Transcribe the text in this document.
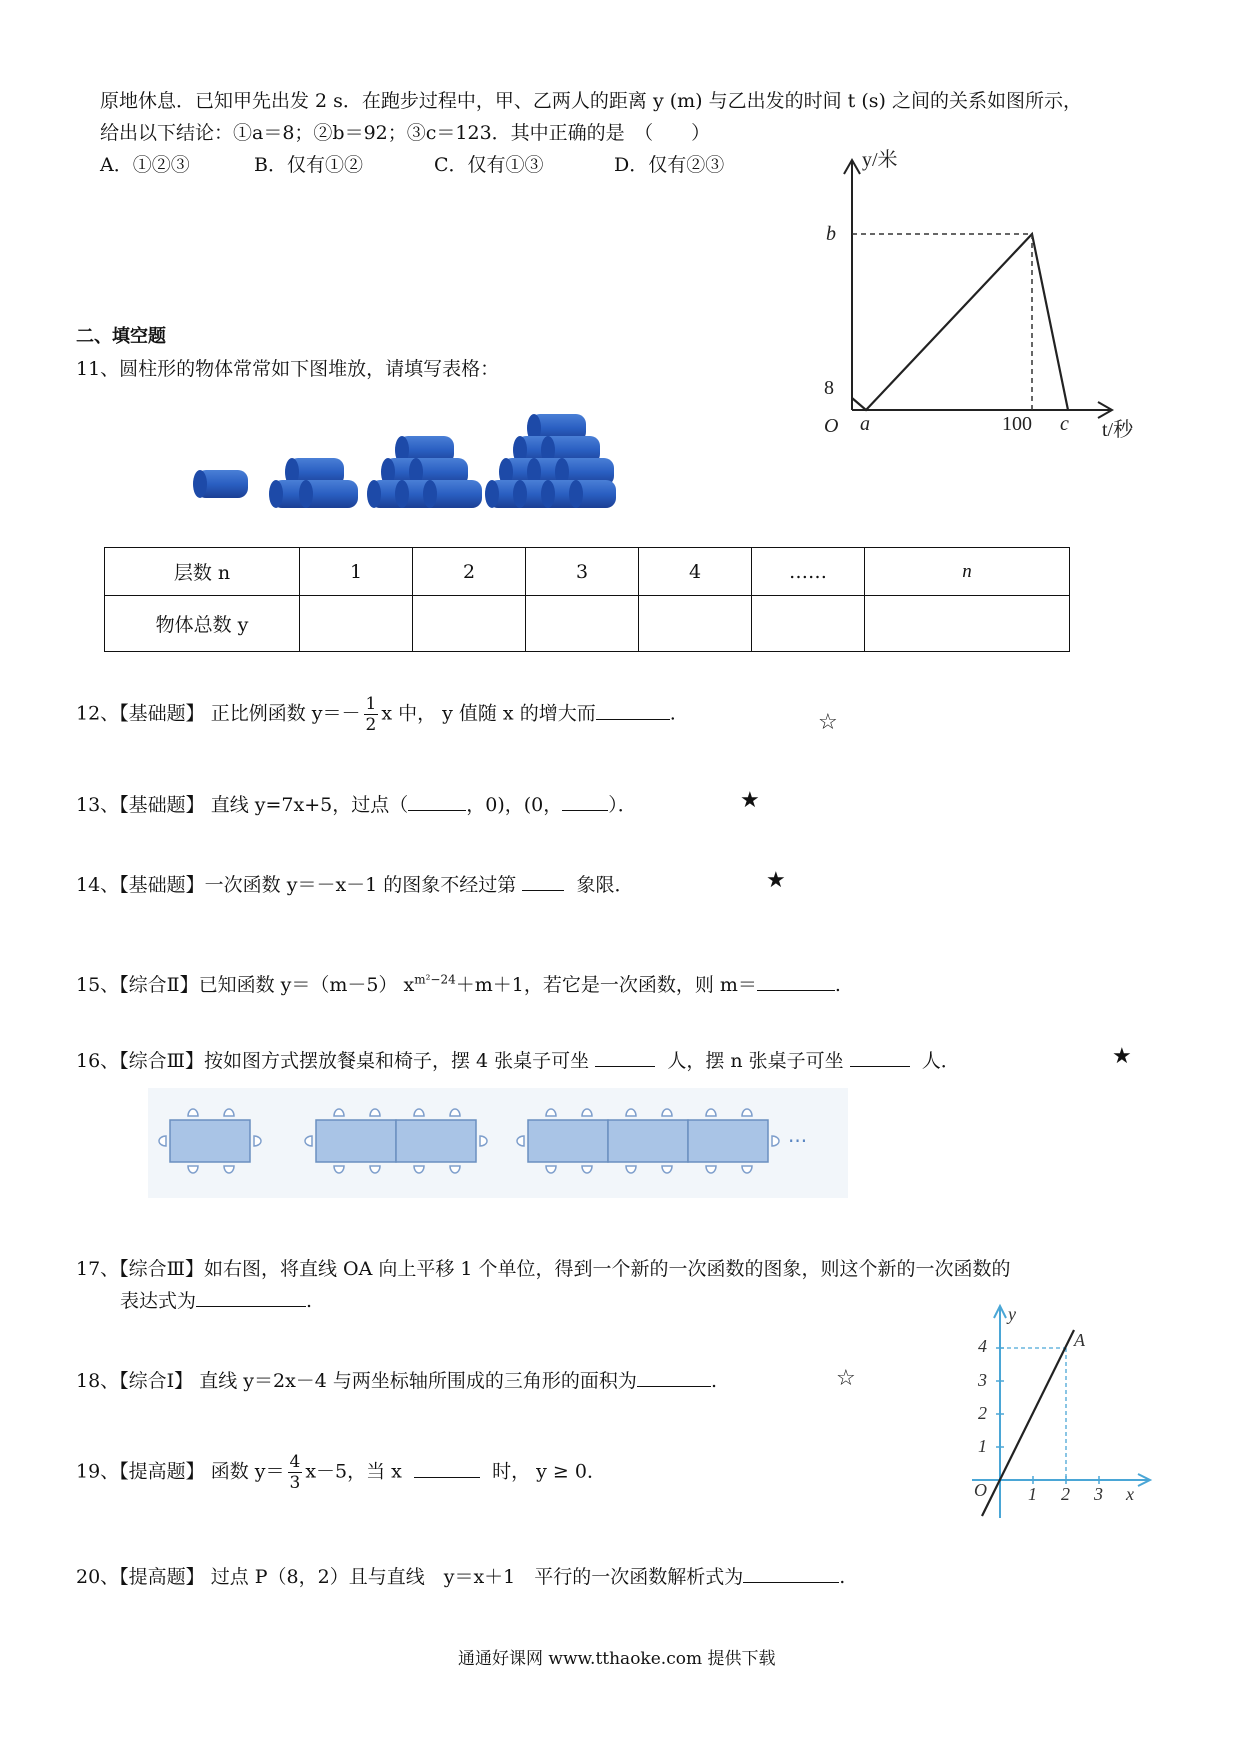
原地休息．已知甲先出发 2 s．在跑步过程中，甲、乙两人的距离 y (m) 与乙出发的时间 t (s) 之间的关系如图所示，
给出以下结论：①a＝8；②b＝92；③c＝123．其中正确的是　（　　）
A．①②③	B．仅有①②	C．仅有①③	D．仅有②③	y/米
b
8
O a	100 c t/秒
二、填空题
11、圆柱形的物体常常如下图堆放，请填写表格：
层数 n	1	2	3	4	……	n
物体总数 y						
12、【基础题】 正比例函数 $y=- \frac{1}{2}$ x 中， y 值随 x 的增大而	.	☆
13、【基础题】 直线 y=7x+5，过点（	，0)，(0， ）．	★
14、【基础题】一次函数 y＝－x－1 的图象不经过第	象限．	★
15、【综合Ⅱ】已知函数 y＝（m－5） $x^{m^2-24}+m+1$，若它是一次函数，则 m＝	.
16、【综合Ⅲ】按如图方式摆放餐桌和椅子，摆 4 张桌子可坐	人，摆 n 张桌子可坐	人．	★
···
17、【综合Ⅲ】如右图，将直线 OA 向上平移 1 个单位，得到一个新的一次函数的图象，则这个新的一次函数的
表达式为	.
y
4
3
2
1
O 1 2 3 x
A
18、【综合Ⅰ】 直线 y＝2x－4 与两坐标轴所围成的三角形的面积为	.	☆
19、【提高题】 函数 $y= \frac{4}{3} x-5$，当 x	时， y ≥ 0．
20、【提高题】 过点 P（8，2）且与直线　y＝x＋1　平行的一次函数解析式为	.
通通好课网 www.tthaoke.com 提供下载
